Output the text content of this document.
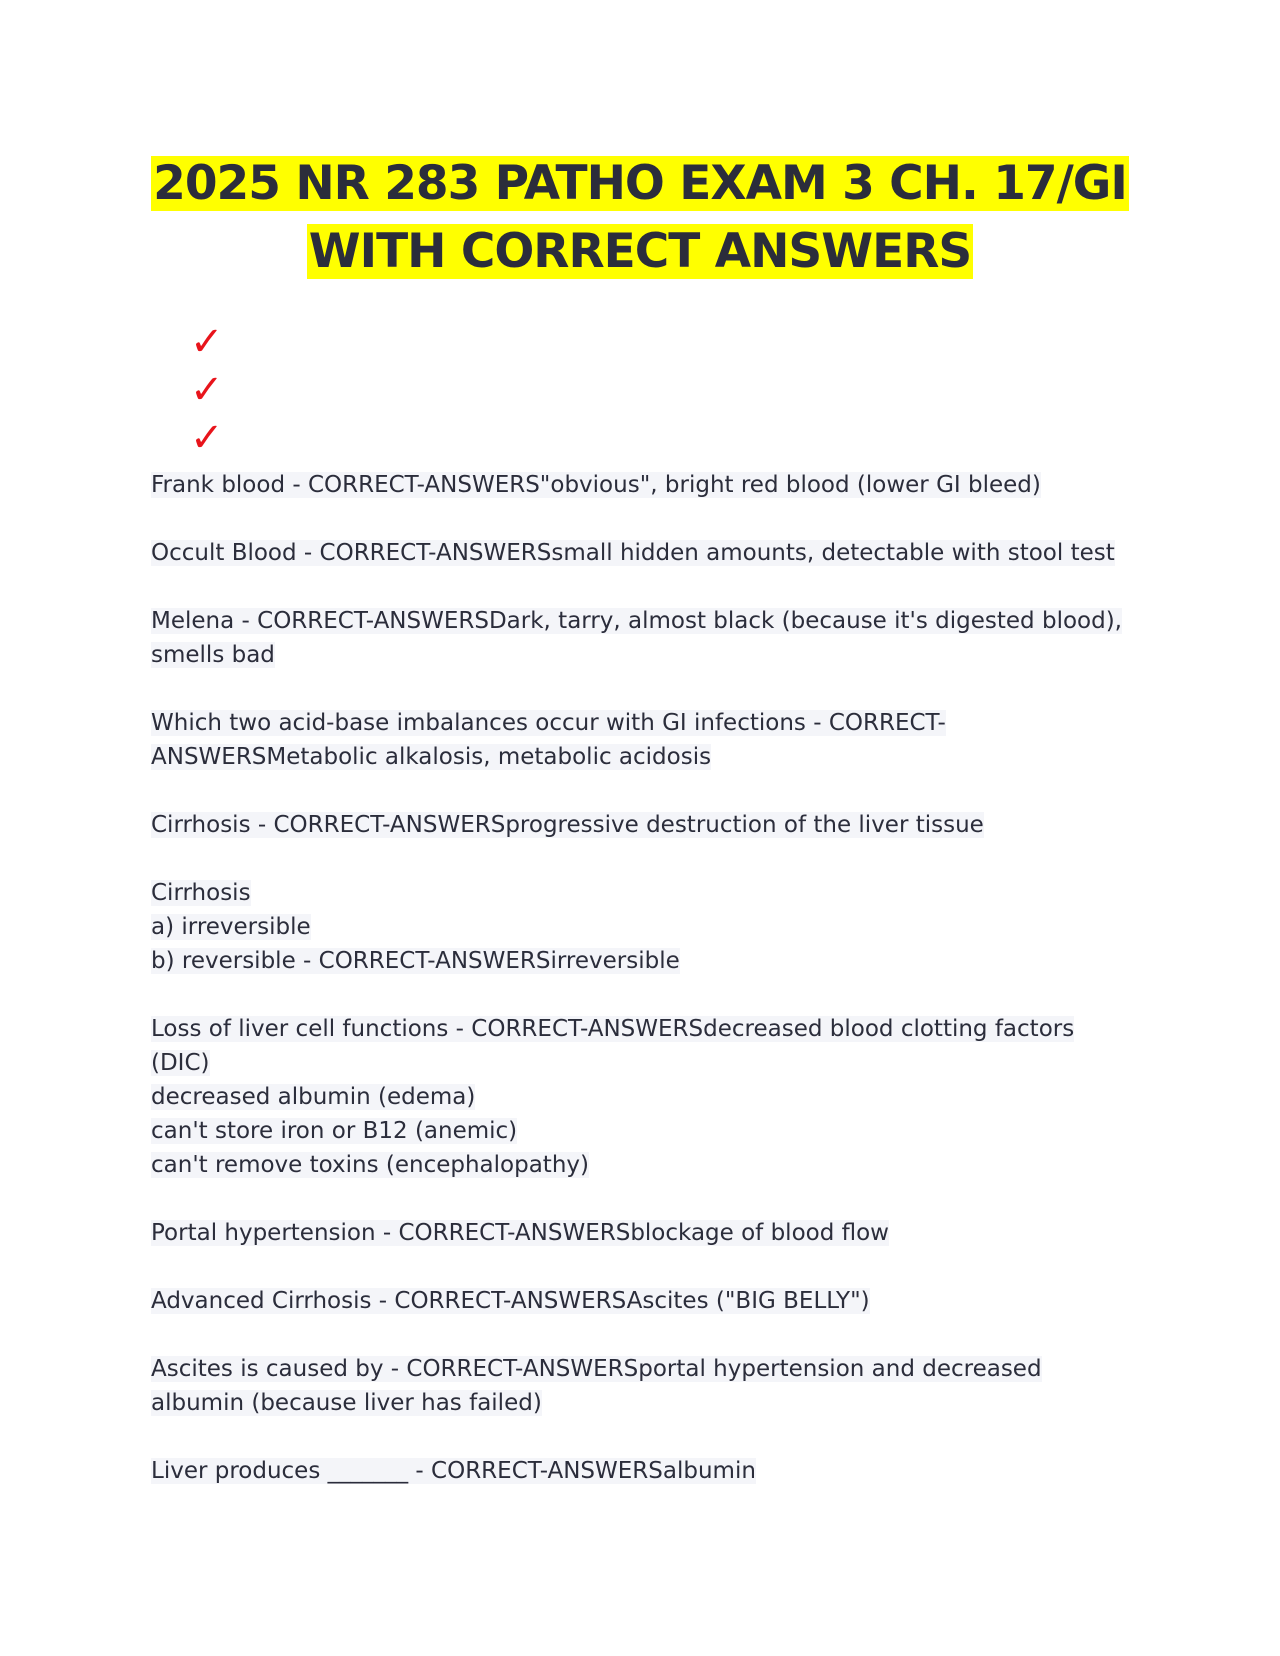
2025 NR 283 PATHO EXAM 3 CH. 17/GI
WITH CORRECT ANSWERS
✓
✓
✓
Frank blood - CORRECT-ANSWERS"obvious", bright red blood (lower GI bleed)
Occult Blood - CORRECT-ANSWERSsmall hidden amounts, detectable with stool test
Melena - CORRECT-ANSWERSDark, tarry, almost black (because it's digested blood),
smells bad
Which two acid-base imbalances occur with GI infections - CORRECT-
ANSWERSMetabolic alkalosis, metabolic acidosis
Cirrhosis - CORRECT-ANSWERSprogressive destruction of the liver tissue
Cirrhosis
a) irreversible
b) reversible - CORRECT-ANSWERSirreversible
Loss of liver cell functions - CORRECT-ANSWERSdecreased blood clotting factors
(DIC)
decreased albumin (edema)
can't store iron or B12 (anemic)
can't remove toxins (encephalopathy)
Portal hypertension - CORRECT-ANSWERSblockage of blood flow
Advanced Cirrhosis - CORRECT-ANSWERSAscites ("BIG BELLY")
Ascites is caused by - CORRECT-ANSWERSportal hypertension and decreased
albumin (because liver has failed)
Liver produces _______ - CORRECT-ANSWERSalbumin
